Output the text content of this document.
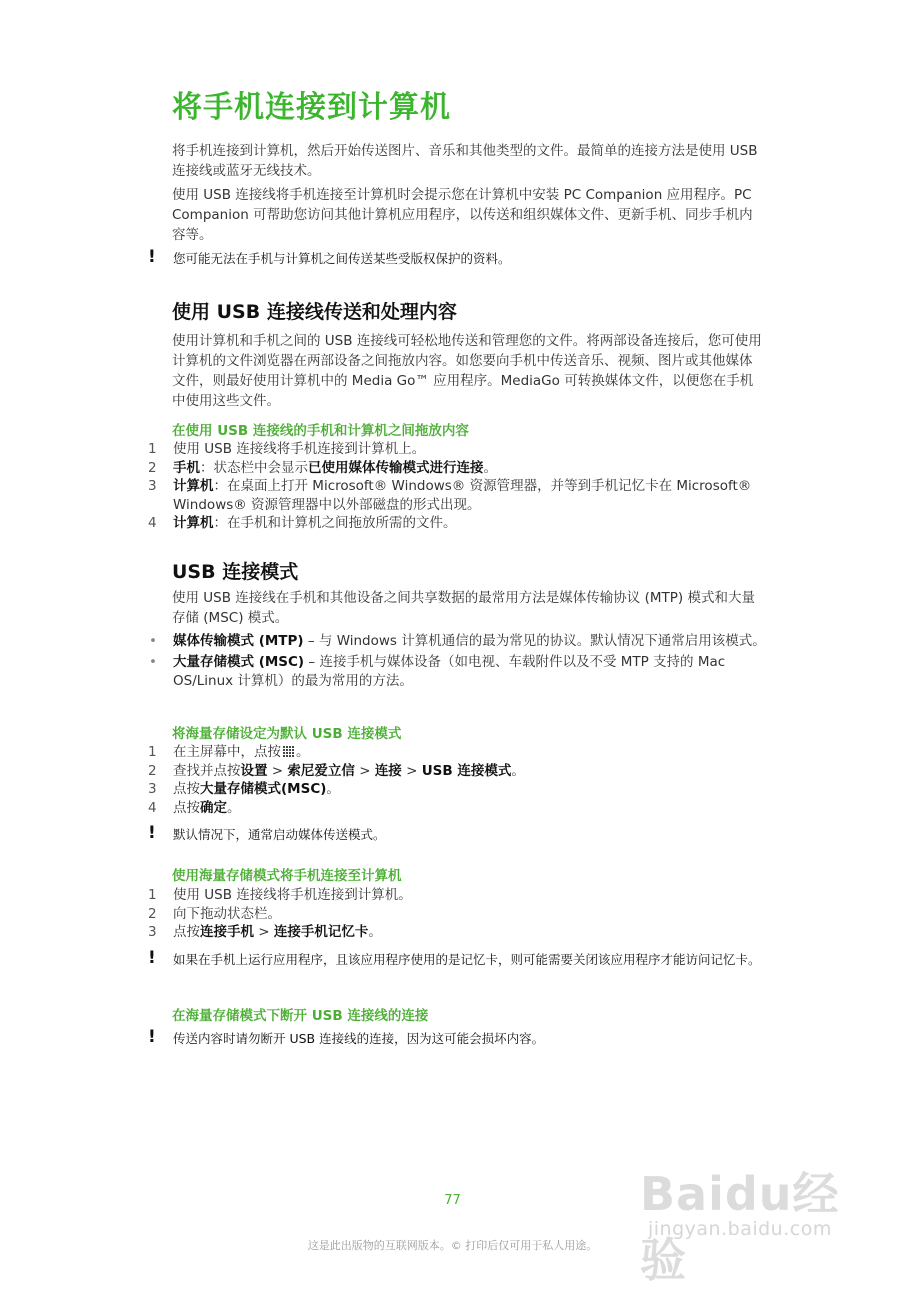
将手机连接到计算机
将手机连接到计算机，然后开始传送图片、音乐和其他类型的文件。最简单的连接方法是使用 USB 连接线或蓝牙无线技术。
使用 USB 连接线将手机连接至计算机时会提示您在计算机中安装 PC Companion 应用程序。PC Companion 可帮助您访问其他计算机应用程序，以传送和组织媒体文件、更新手机、同步手机内容等。
! 您可能无法在手机与计算机之间传送某些受版权保护的资料。
使用 USB 连接线传送和处理内容
使用计算机和手机之间的 USB 连接线可轻松地传送和管理您的文件。将两部设备连接后，您可使用计算机的文件浏览器在两部设备之间拖放内容。如您要向手机中传送音乐、视频、图片或其他媒体文件，则最好使用计算机中的 Media Go™ 应用程序。MediaGo 可转换媒体文件，以便您在手机中使用这些文件。
在使用 USB 连接线的手机和计算机之间拖放内容
1 使用 USB 连接线将手机连接到计算机上。
2 手机：状态栏中会显示已使用媒体传输模式进行连接。
3 计算机：在桌面上打开 Microsoft® Windows® 资源管理器，并等到手机记忆卡在 Microsoft® Windows® 资源管理器中以外部磁盘的形式出现。
4 计算机：在手机和计算机之间拖放所需的文件。
USB 连接模式
使用 USB 连接线在手机和其他设备之间共享数据的最常用方法是媒体传输协议 (MTP) 模式和大量存储 (MSC) 模式。
• 媒体传输模式 (MTP) – 与 Windows 计算机通信的最为常见的协议。默认情况下通常启用该模式。
• 大量存储模式 (MSC) – 连接手机与媒体设备（如电视、车载附件以及不受 MTP 支持的 Mac OS/Linux 计算机）的最为常用的方法。
将海量存储设定为默认 USB 连接模式
1 在主屏幕中，点按 。
2 查找并点按设置 > 索尼爱立信 > 连接 > USB 连接模式。
3 点按大量存储模式(MSC)。
4 点按确定。
! 默认情况下，通常启动媒体传送模式。
使用海量存储模式将手机连接至计算机
1 使用 USB 连接线将手机连接到计算机。
2 向下拖动状态栏。
3 点按连接手机 > 连接手机记忆卡。
! 如果在手机上运行应用程序，且该应用程序使用的是记忆卡，则可能需要关闭该应用程序才能访问记忆卡。
在海量存储模式下断开 USB 连接线的连接
! 传送内容时请勿断开 USB 连接线的连接，因为这可能会损坏内容。
Baidu经验
jingyan.baidu.com
77
这是此出版物的互联网版本。© 打印后仅可用于私人用途。
